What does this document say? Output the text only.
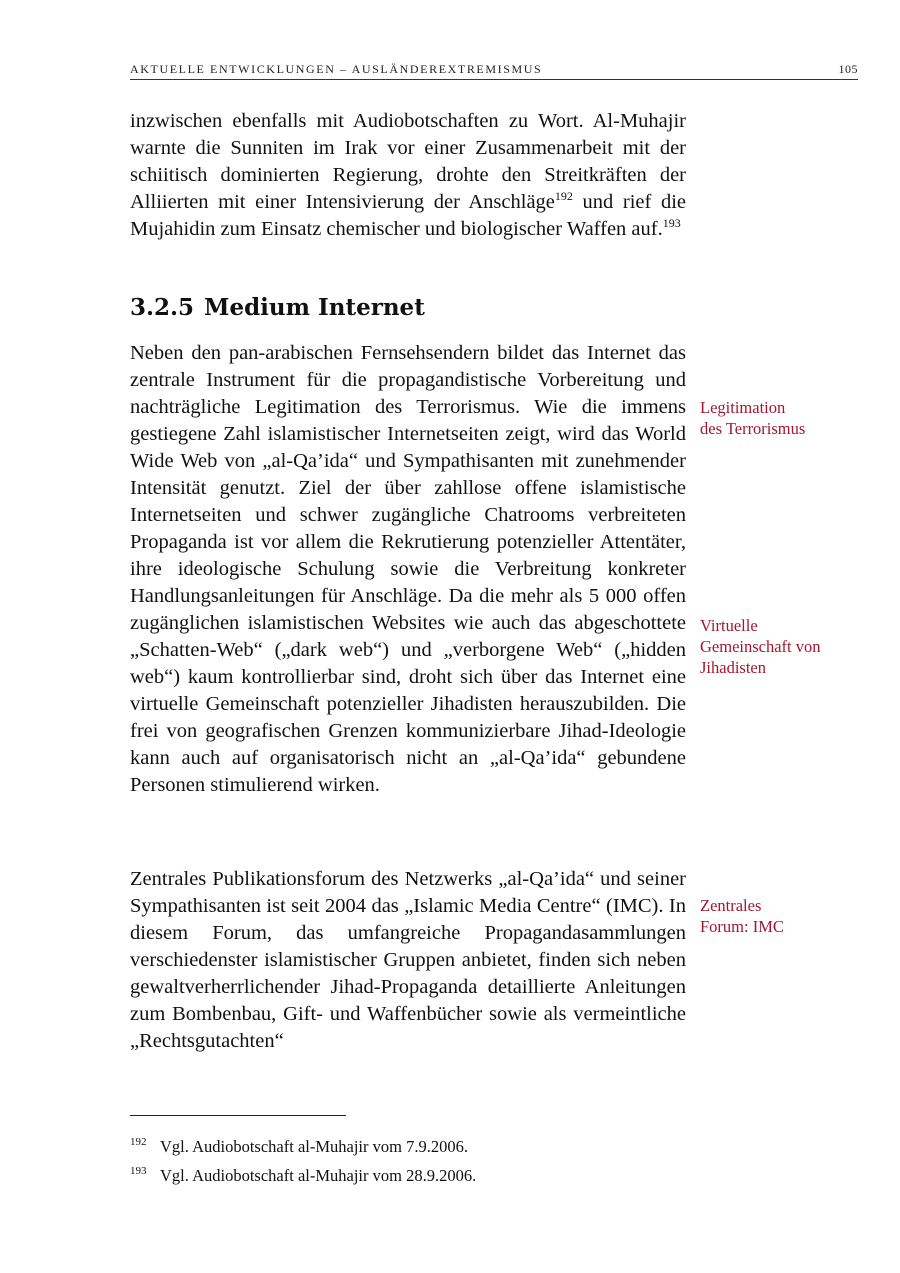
AKTUELLE ENTWICKLUNGEN – AUSLÄNDEREXTREMISMUS	105
inzwischen ebenfalls mit Audiobotschaften zu Wort. Al-Muhajir warnte die Sunniten im Irak vor einer Zusammenarbeit mit der schiitisch dominierten Regierung, drohte den Streitkräften der Alliierten mit einer Intensivierung der Anschläge$^{192}$ und rief die Mujahidin zum Einsatz chemischer und biologischer Waffen auf.$^{193}$
3.2.5 Medium Internet
Neben den pan-arabischen Fernsehsendern bildet das Internet das zentrale Instrument für die propagandistische Vorbereitung und nachträgliche Legitimation des Terrorismus. Wie die immens gestiegene Zahl islamistischer Internetseiten zeigt, wird das World Wide Web von „al-Qa’ida“ und Sympathisanten mit zunehmender Intensität genutzt. Ziel der über zahllose offene islamistische Internetseiten und schwer zugängliche Chatrooms verbreiteten Propaganda ist vor allem die Rekrutierung potenzieller Attentäter, ihre ideologische Schulung sowie die Verbreitung konkreter Handlungsanleitungen für Anschläge. Da die mehr als 5 000 offen zugänglichen islamistischen Websites wie auch das abgeschottete „Schatten-Web“ („dark web“) und „verborgene Web“ („hidden web“) kaum kontrollierbar sind, droht sich über das Internet eine virtuelle Gemeinschaft potenzieller Jihadisten herauszubilden. Die frei von geografischen Grenzen kommunizierbare Jihad-Ideologie kann auch auf organisatorisch nicht an „al-Qa’ida“ gebundene Personen stimulierend wirken.
Zentrales Publikationsforum des Netzwerks „al-Qa’ida“ und seiner Sympathisanten ist seit 2004 das „Islamic Media Centre“ (IMC). In diesem Forum, das umfangreiche Propagandasammlungen verschiedenster islamistischer Gruppen anbietet, finden sich neben gewaltverherrlichender Jihad-Propaganda detaillierte Anleitungen zum Bombenbau, Gift- und Waffenbücher sowie als vermeintliche „Rechtsgutachten“
Legitimation
des Terrorismus
Virtuelle
Gemeinschaft von
Jihadisten
Zentrales
Forum: IMC
192 Vgl. Audiobotschaft al-Muhajir vom 7.9.2006.
193 Vgl. Audiobotschaft al-Muhajir vom 28.9.2006.
